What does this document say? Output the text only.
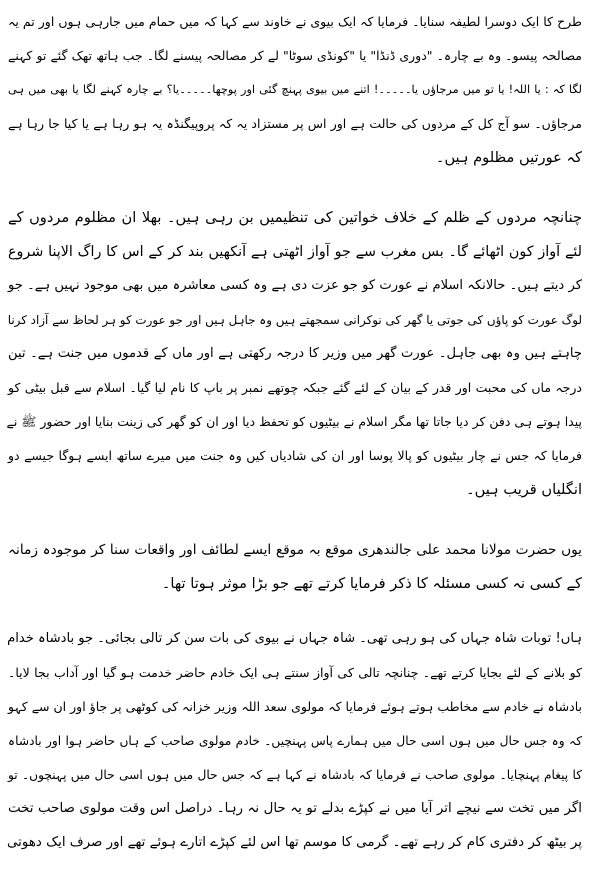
طرح کا ایک دوسرا لطیفہ سنایا۔ فرمایا کہ ایک بیوی نے خاوند سے کہا کہ میں حمام میں جارہی ہوں اور تم یہ
مصالحہ پیسو۔ وہ بے چارہ۔ "دوری ڈنڈا" یا "کونڈی سوٹا" لے کر مصالحہ پیسنے لگا۔ جب ہاتھ تھک گئے تو کہنے
لگا کہ : یا اللہ! یا تو میں مرجاؤں یا۔۔۔۔۔! اتنے میں بیوی پہنچ گئی اور پوچھا۔۔۔۔۔یا؟ بے چارہ کہنے لگا یا بھی میں ہی
مرجاؤں۔ سو آج کل کے مردوں کی حالت ہے اور اس پر مستزاد یہ کہ پروپیگنڈہ یہ ہو رہا ہے یا کیا جا رہا ہے
کہ عورتیں مظلوم ہیں۔
چنانچہ مردوں کے ظلم کے خلاف خواتین کی تنظیمیں بن رہی ہیں۔ بھلا ان مظلوم مردوں کے
لئے آواز کون اٹھائے گا۔ بس مغرب سے جو آواز اٹھتی ہے آنکھیں بند کر کے اس کا راگ الاپنا شروع
کر دیتے ہیں۔ حالانکہ اسلام نے عورت کو جو عزت دی ہے وہ کسی معاشرہ میں بھی موجود نہیں ہے۔ جو
لوگ عورت کو پاؤں کی جوتی یا گھر کی نوکرانی سمجھتے ہیں وہ جاہل ہیں اور جو عورت کو ہر لحاظ سے آزاد کرنا
چاہتے ہیں وہ بھی جاہل۔ عورت گھر میں وزیر کا درجہ رکھتی ہے اور ماں کے قدموں میں جنت ہے۔ تین
درجہ ماں کی محبت اور قدر کے بیان کے لئے گئے جبکہ چوتھے نمبر پر باپ کا نام لیا گیا۔ اسلام سے قبل بیٹی کو
پیدا ہوتے ہی دفن کر دیا جاتا تھا مگر اسلام نے بیٹیوں کو تحفظ دیا اور ان کو گھر کی زینت بنایا اور حضور ﷺ نے
فرمایا کہ جس نے چار بیٹیوں کو پالا پوسا اور ان کی شادیاں کیں وہ جنت میں میرے ساتھ ایسے ہوگا جیسے دو
انگلیاں قریب ہیں۔
یوں حضرت مولانا محمد علی جالندھری موقع بہ موقع ایسے لطائف اور واقعات سنا کر موجودہ زمانہ
کے کسی نہ کسی مسئلہ کا ذکر فرمایا کرتے تھے جو بڑا موثر ہوتا تھا۔
ہاں! توبات شاہ جہاں کی ہو رہی تھی۔ شاہ جہاں نے بیوی کی بات سن کر تالی بجائی۔ جو بادشاہ خدام
کو بلانے کے لئے بجایا کرتے تھے۔ چنانچہ تالی کی آواز سنتے ہی ایک خادم حاضر خدمت ہو گیا اور آداب بجا لایا۔
بادشاہ نے خادم سے مخاطب ہوتے ہوئے فرمایا کہ مولوی سعد اللہ وزیر خزانہ کی کوٹھی پر جاؤ اور ان سے کہو
کہ وہ جس حال میں ہوں اسی حال میں ہمارے پاس پہنچیں۔ خادم مولوی صاحب کے ہاں حاضر ہوا اور بادشاہ
کا پیغام پہنچایا۔ مولوی صاحب نے فرمایا کہ بادشاہ نے کہا ہے کہ جس حال میں ہوں اسی حال میں پہنچوں۔ تو
اگر میں تخت سے نیچے اتر آیا میں نے کپڑے بدلے تو یہ حال نہ رہا۔ دراصل اس وقت مولوی صاحب تخت
پر بیٹھ کر دفتری کام کر رہے تھے۔ گرمی کا موسم تھا اس لئے کپڑے اتارے ہوئے تھے اور صرف ایک دھوتی
